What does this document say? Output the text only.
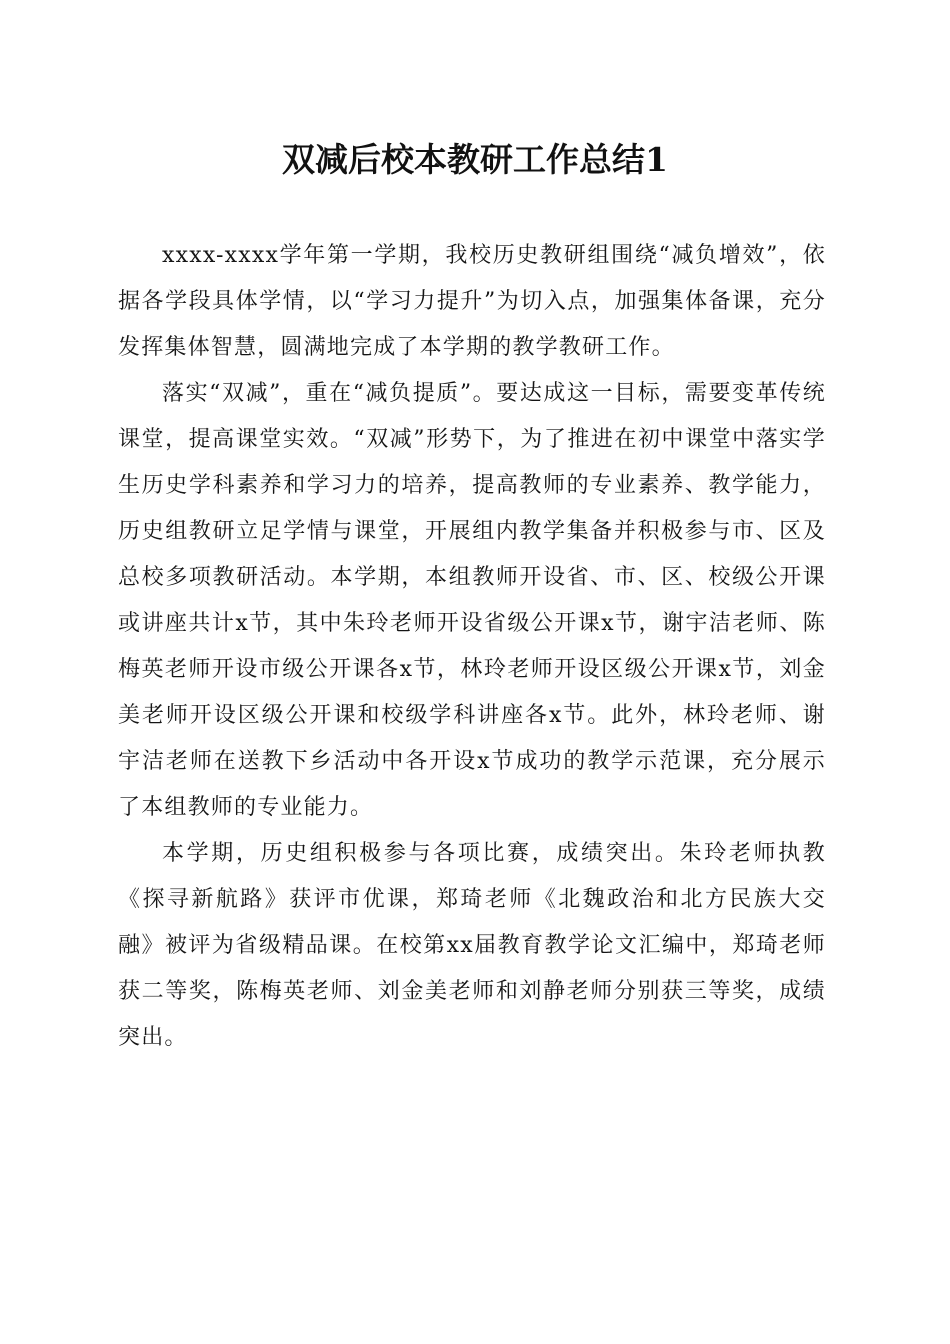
双减后校本教研工作总结1

xxxx-xxxx学年第一学期，我校历史教研组围绕“减负增效”，依据各学段具体学情，以“学习力提升”为切入点，加强集体备课，充分发挥集体智慧，圆满地完成了本学期的教学教研工作。

落实“双减”，重在“减负提质”。要达成这一目标，需要变革传统课堂，提高课堂实效。“双减”形势下，为了推进在初中课堂中落实学生历史学科素养和学习力的培养，提高教师的专业素养、教学能力，历史组教研立足学情与课堂，开展组内教学集备并积极参与市、区及总校多项教研活动。本学期，本组教师开设省、市、区、校级公开课或讲座共计x节，其中朱玲老师开设省级公开课x节，谢宇洁老师、陈梅英老师开设市级公开课各x节，林玲老师开设区级公开课x节，刘金美老师开设区级公开课和校级学科讲座各x节。此外，林玲老师、谢宇洁老师在送教下乡活动中各开设x节成功的教学示范课，充分展示了本组教师的专业能力。

本学期，历史组积极参与各项比赛，成绩突出。朱玲老师执教《探寻新航路》获评市优课，郑琦老师《北魏政治和北方民族大交融》被评为省级精品课。在校第xx届教育教学论文汇编中，郑琦老师获二等奖，陈梅英老师、刘金美老师和刘静老师分别获三等奖，成绩突出。
